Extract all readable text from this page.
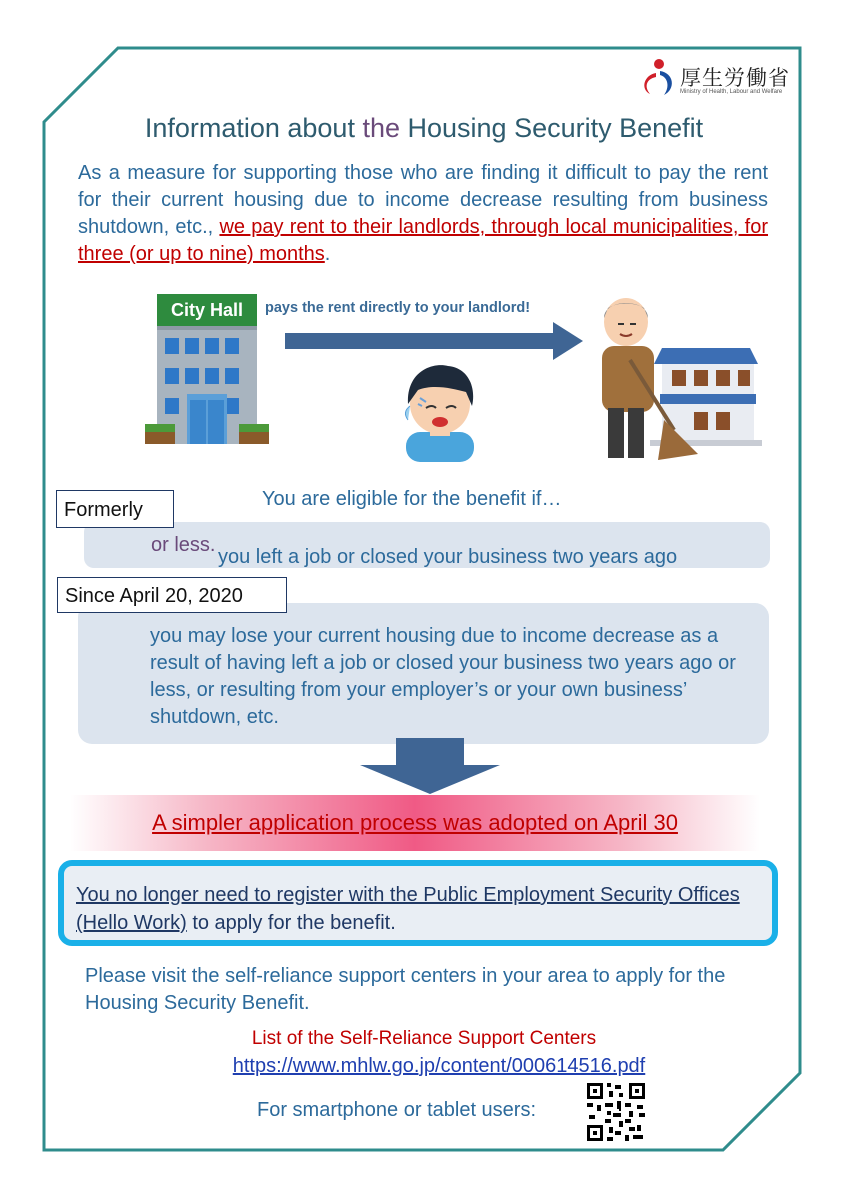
厚生労働省
Ministry of Health, Labour and Welfare
Information about the Housing Security Benefit
As a measure for supporting those who are finding it difficult to pay the rent for their current housing due to income decrease resulting from business shutdown, etc., we pay rent to their landlords, through local municipalities, for three (or up to nine) months.
City Hall	pays the rent directly to your landlord!
You are eligible for the benefit if…
you left a job or closed your business two years ago
or less.
Formerly
you may lose your current housing due to income decrease as a result of having left a job or closed your business two years ago or less, or resulting from your employer’s or your own business’ shutdown, etc.
Since April 20, 2020
A simpler application process was adopted on April 30
You no longer need to register with the Public Employment Security Offices (Hello Work) to apply for the benefit.
Please visit the self-reliance support centers in your area to apply for the Housing Security Benefit.
List of the Self-Reliance Support Centers
https://www.mhlw.go.jp/content/000614516.pdf
For smartphone or tablet users:
